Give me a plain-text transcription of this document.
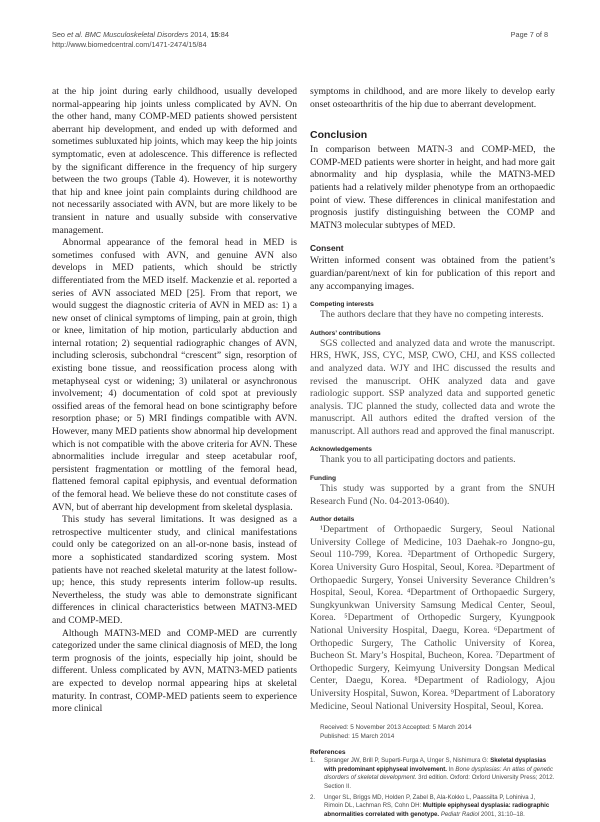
Seo et al. BMC Musculoskeletal Disorders 2014, 15:84
http://www.biomedcentral.com/1471-2474/15/84
Page 7 of 8

at the hip joint during early childhood, usually developed normal-appearing hip joints unless complicated by AVN. On the other hand, many COMP-MED patients showed persistent aberrant hip development, and ended up with deformed and sometimes subluxated hip joints, which may keep the hip joints symptomatic, even at adolescence. This difference is reflected by the significant difference in the frequency of hip surgery between the two groups (Table 4). However, it is noteworthy that hip and knee joint pain complaints during childhood are not necessarily associated with AVN, but are more likely to be transient in nature and usually subside with conservative management.

Abnormal appearance of the femoral head in MED is sometimes confused with AVN, and genuine AVN also develops in MED patients, which should be strictly differentiated from the MED itself. Mackenzie et al. reported a series of AVN associated MED [25]. From that report, we would suggest the diagnostic criteria of AVN in MED as: 1) a new onset of clinical symptoms of limping, pain at groin, thigh or knee, limitation of hip motion, particularly abduction and internal rotation; 2) sequential radiographic changes of AVN, including sclerosis, subchondral “crescent” sign, resorption of existing bone tissue, and reossification process along with metaphyseal cyst or widening; 3) unilateral or asynchronous involvement; 4) documentation of cold spot at previously ossified areas of the femoral head on bone scintigraphy before resorption phase; or 5) MRI findings compatible with AVN. However, many MED patients show abnormal hip development which is not compatible with the above criteria for AVN. These abnormalities include irregular and steep acetabular roof, persistent fragmentation or mottling of the femoral head, flattened femoral capital epiphysis, and eventual deformation of the femoral head. We believe these do not constitute cases of AVN, but of aberrant hip development from skeletal dysplasia.

This study has several limitations. It was designed as a retrospective multicenter study, and clinical manifestations could only be categorized on an all-or-none basis, instead of more a sophisticated standardized scoring system. Most patients have not reached skeletal maturity at the latest follow-up; hence, this study represents interim follow-up results. Nevertheless, the study was able to demonstrate significant differences in clinical characteristics between MATN3-MED and COMP-MED.

Although MATN3-MED and COMP-MED are currently categorized under the same clinical diagnosis of MED, the long term prognosis of the joints, especially hip joint, should be different. Unless complicated by AVN, MATN3-MED patients are expected to develop normal appearing hips at skeletal maturity. In contrast, COMP-MED patients seem to experience more clinical

symptoms in childhood, and are more likely to develop early onset osteoarthritis of the hip due to aberrant development.

Conclusion

In comparison between MATN-3 and COMP-MED, the COMP-MED patients were shorter in height, and had more gait abnormality and hip dysplasia, while the MATN3-MED patients had a relatively milder phenotype from an orthopaedic point of view. These differences in clinical manifestation and prognosis justify distinguishing between the COMP and MATN3 molecular subtypes of MED.

Consent

Written informed consent was obtained from the patient’s guardian/parent/next of kin for publication of this report and any accompanying images.

Competing interests

The authors declare that they have no competing interests.

Authors’ contributions

SGS collected and analyzed data and wrote the manuscript. HRS, HWK, JSS, CYC, MSP, CWO, CHJ, and KSS collected and analyzed data. WJY and IHC discussed the results and revised the manuscript. OHK analyzed data and gave radiologic support. SSP analyzed data and supported genetic analysis. TJC planned the study, collected data and wrote the manuscript. All authors edited the drafted version of the manuscript. All authors read and approved the final manuscript.

Acknowledgements

Thank you to all participating doctors and patients.

Funding

This study was supported by a grant from the SNUH Research Fund (No. 04-2013-0640).

Author details

¹Department of Orthopaedic Surgery, Seoul National University College of Medicine, 103 Daehak-ro Jongno-gu, Seoul 110-799, Korea. ²Department of Orthopedic Surgery, Korea University Guro Hospital, Seoul, Korea. ³Department of Orthopaedic Surgery, Yonsei University Severance Children’s Hospital, Seoul, Korea. ⁴Department of Orthopaedic Surgery, Sungkyunkwan University Samsung Medical Center, Seoul, Korea. ⁵Department of Orthopedic Surgery, Kyungpook National University Hospital, Daegu, Korea. ⁶Department of Orthopedic Surgery, The Catholic University of Korea, Bucheon St. Mary’s Hospital, Bucheon, Korea. ⁷Department of Orthopedic Surgery, Keimyung University Dongsan Medical Center, Daegu, Korea. ⁸Department of Radiology, Ajou University Hospital, Suwon, Korea. ⁹Department of Laboratory Medicine, Seoul National University Hospital, Seoul, Korea.

Received: 5 November 2013 Accepted: 5 March 2014

Published: 15 March 2014

References
1. Spranger JW, Brill P, Superti-Furga A, Unger S, Nishimura G: Skeletal dysplasias with predominant epiphyseal involvement. In Bone dysplasias: An atlas of genetic disorders of skeletal development. 3rd edition. Oxford: Oxford University Press; 2012. Section II.
2. Unger SL, Briggs MD, Holden P, Zabel B, Ala-Kokko L, Paassilta P, Lohiniva J, Rimoin DL, Lachman RS, Cohn DH: Multiple epiphyseal dysplasia: radiographic abnormalities correlated with genotype. Pediatr Radiol 2001, 31:10–18.
